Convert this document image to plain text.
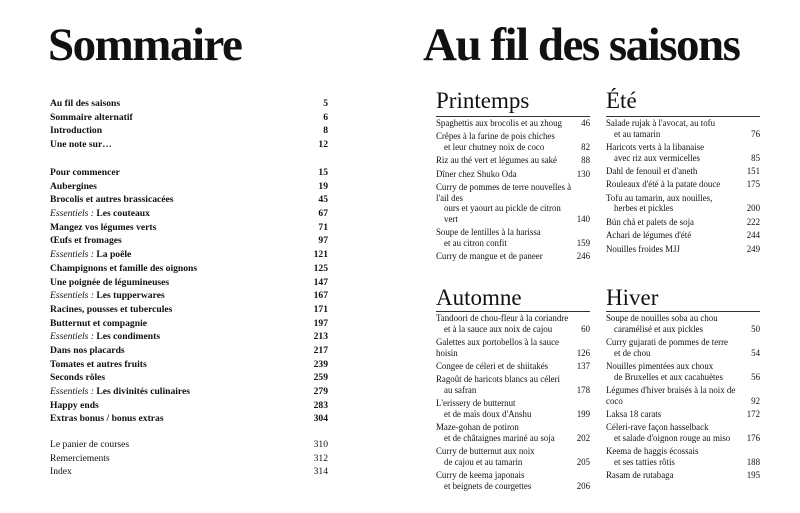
Sommaire	Au fil des saisons
Au fil des saisons	5
Sommaire alternatif	6
Introduction	8
Une note sur…	12
Pour commencer	15
Aubergines	19
Brocolis et autres brassicacées	45
Essentiels : Les couteaux	67
Mangez vos légumes verts	71
Œufs et fromages	97
Essentiels : La poêle	121
Champignons et famille des oignons	125
Une poignée de légumineuses	147
Essentiels : Les tupperwares	167
Racines, pousses et tubercules	171
Butternut et compagnie	197
Essentiels : Les condiments	213
Dans nos placards	217
Tomates et autres fruits	239
Seconds rôles	259
Essentiels : Les divinités culinaires	279
Happy ends	283
Extras bonus / bonus extras	304
Le panier de courses	310
Remerciements	312
Index	314
Printemps
Spaghettis aux brocolis et au zhoug	46
Crêpes à la farine de pois chiches
et leur chutney noix de coco	82
Riz au thé vert et légumes au saké	88
Dîner chez Shuko Oda	130
Curry de pommes de terre nouvelles à l'ail des
ours et yaourt au pickle de citron vert	140
Soupe de lentilles à la harissa
et au citron confit	159
Curry de mangue et de paneer	246
Été
Salade rujak à l'avocat, au tofu
et au tamarin	76
Haricots verts à la libanaise
avec riz aux vermicelles	85
Dahl de fenouil et d'aneth	151
Rouleaux d'été à la patate douce	175
Tofu au tamarin, aux nouilles,
herbes et pickles	200
Bún chả et palets de soja	222
Achari de légumes d'été	244
Nouilles froides MJJ	249
Automne
Tandoori de chou-fleur à la coriandre
et à la sauce aux noix de cajou	60
Galettes aux portobellos à la sauce hoisin	126
Congee de céleri et de shiitakés	137
Ragoût de haricots blancs au céleri
au safran	178
L'erissery de butternut
et de maïs doux d'Anshu	199
Maze-gohan de potiron
et de châtaignes mariné au soja	202
Curry de butternut aux noix
de cajou et au tamarin	205
Curry de keema japonais
et beignets de courgettes	206
Hiver
Soupe de nouilles soba au chou
caramélisé et aux pickles	50
Curry gujarati de pommes de terre
et de chou	54
Nouilles pimentées aux choux
de Bruxelles et aux cacahuètes	56
Légumes d'hiver braisés à la noix de coco	92
Laksa 18 carats	172
Céleri-rave façon hasselback
et salade d'oignon rouge au miso	176
Keema de haggis écossais
et ses tatties rôtis	188
Rasam de rutabaga	195
